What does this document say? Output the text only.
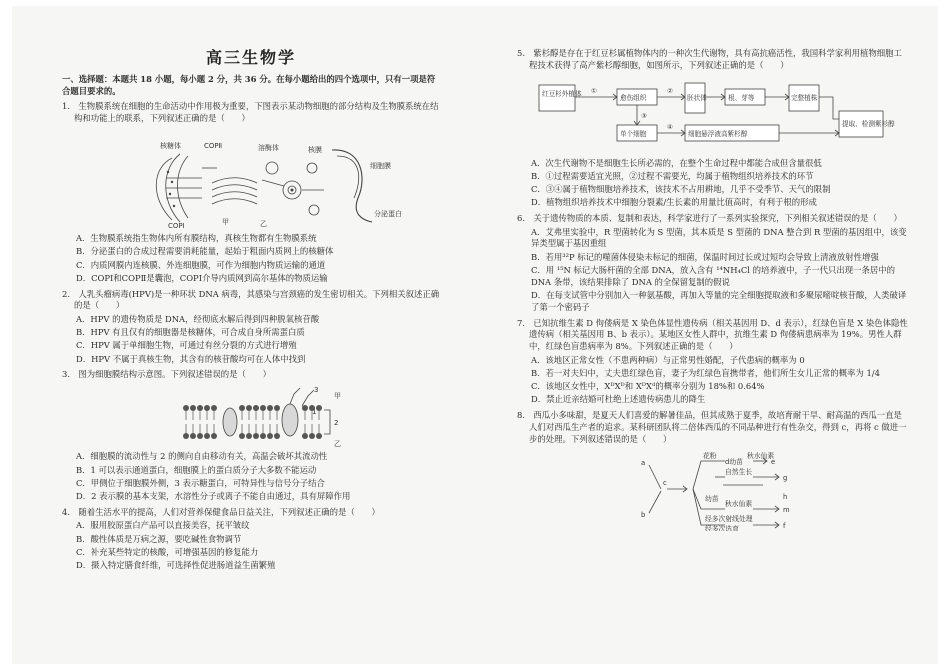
高三生物学
一、选择题：本题共 18 小题，每小题 2 分，共 36 分。在每小题给出的四个选项中，只有一项是符合题目要求的。
1.　生物膜系统在细胞的生命活动中作用极为重要，下图表示某动物细胞的部分结构及生物膜系统在结构和功能上的联系，下列叙述正确的是（　　）
核糖体	COPⅡ	溶酶体	核膜
细胞膜
分泌蛋白
COPⅠ	甲	乙
A．生物膜系统指生物体内所有膜结构，真核生物都有生物膜系统
B．分泌蛋白的合成过程需要消耗能量，起始于粗面内质网上的核糖体
C．内质网膜内连核膜、外连细胞膜，可作为细胞内物质运输的通道
D．COPⅠ和COPⅡ是囊泡，COPⅠ介导内质网到高尔基体的物质运输
2.　人乳头瘤病毒(HPV)是一种环状 DNA 病毒，其感染与宫颈癌的发生密切相关。下列相关叙述正确的是（　　）
A．HPV 的遗传物质是 DNA，经彻底水解后得到四种脱氧核苷酸
B．HPV 有且仅有的细胞器是核糖体，可合成自身所需蛋白质
C．HPV 属于单细胞生物，可通过有丝分裂的方式进行增殖
D．HPV 不属于真核生物，其含有的核苷酸均可在人体中找到
3.　图为细胞膜结构示意图。下列叙述错误的是（　　）
3
甲
2
1
乙
A．细胞膜的流动性与 2 的侧向自由移动有关，高温会破坏其流动性
B．1 可以表示通道蛋白，细胞膜上的蛋白质分子大多数不能运动
C．甲侧位于细胞膜外侧，3 表示糖蛋白，可特异性与信号分子结合
D．2 表示膜的基本支架，水溶性分子或离子不能自由通过，具有屏障作用
4.　随着生活水平的提高，人们对营养保健食品日益关注，下列叙述正确的是（　　）
A．服用胶原蛋白产品可以直接美容，抚平皱纹
B．酸性体质是万病之源，要吃碱性食物调节
C．补充某些特定的核酸，可增强基因的修复能力
D．摄入特定膳食纤维，可选择性促进肠道益生菌繁殖
5.　紫杉醇是存在于红豆杉属植物体内的一种次生代谢物，具有高抗癌活性，我国科学家利用植物细胞工程技术获得了高产紫杉醇细胞，如图所示，下列叙述正确的是（　　）
红豆杉外植体	愈伤组织	胚状体	根、芽等	完整植株
单个细胞	细胞悬浮液高紫杉醇
提取、检测紫杉醇
①	②
③
④
A．次生代谢物不是细胞生长所必需的，在整个生命过程中都能合成但含量很低
B．①过程需要适宜光照，②过程不需要光，均属于植物组织培养技术的环节
C．③④属于植物细胞培养技术，该技术不占用耕地，几乎不受季节、天气的限制
D．植物组织培养技术中细胞分裂素/生长素的用量比值高时，有利于根的形成
6.　关于遗传物质的本质、复制和表达，科学家进行了一系列实验探究，下列相关叙述错误的是（　　）
A．艾弗里实验中，R 型菌转化为 S 型菌，其本质是 S 型菌的 DNA 整合到 R 型菌的基因组中，该变异类型属于基因重组
B．若用³²P 标记的噬菌体侵染未标记的细菌，保温时间过长或过短均会导致上清液放射性增强
C．用 ¹⁵N 标记大肠杆菌的全部 DNA，放入含有 ¹⁴NH₄Cl 的培养液中，子一代只出现一条居中的 DNA 条带，该结果排除了 DNA 的全保留复制的假说
D．在每支试管中分别加入一种氨基酸，再加入等量的完全细胞提取液和多聚尿嘧啶核苷酸，人类破译了第一个密码子
7.　已知抗维生素 D 佝偻病是 X 染色体显性遗传病（相关基因用 D、d 表示），红绿色盲是 X 染色体隐性遗传病（相关基因用 B、b 表示）。某地区女性人群中，抗维生素 D 佝偻病患病率为 19%。男性人群中，红绿色盲患病率为 8%。下列叙述正确的是（　　）
A．该地区正常女性（不患两种病）与正常男性婚配，子代患病的概率为 0
B．若一对夫妇中，丈夫患红绿色盲，妻子为红绿色盲携带者，他们所生女儿正常的概率为 1/4
C．该地区女性中，XᴰXᴰ和 XᴰXᵈ的概率分别为 18%和 0.64%
D．禁止近亲结婚可杜绝上述遗传病患儿的降生
8.　西瓜小多味甜，是夏天人们喜爱的解暑佳品，但其成熟于夏季，故培育耐干旱、耐高温的西瓜一直是人们对西瓜生产者的追求。某科研团队将二倍体西瓜的不同品种进行有性杂交，得到 c，再将 c 做进一步的处理。下列叙述错误的是（　　）
a
b
c
花粉
d幼苗
秋水仙素
e
自然生长
g
幼苗
秋水仙素
h
m
经多次射线处理
经多次选育	f
